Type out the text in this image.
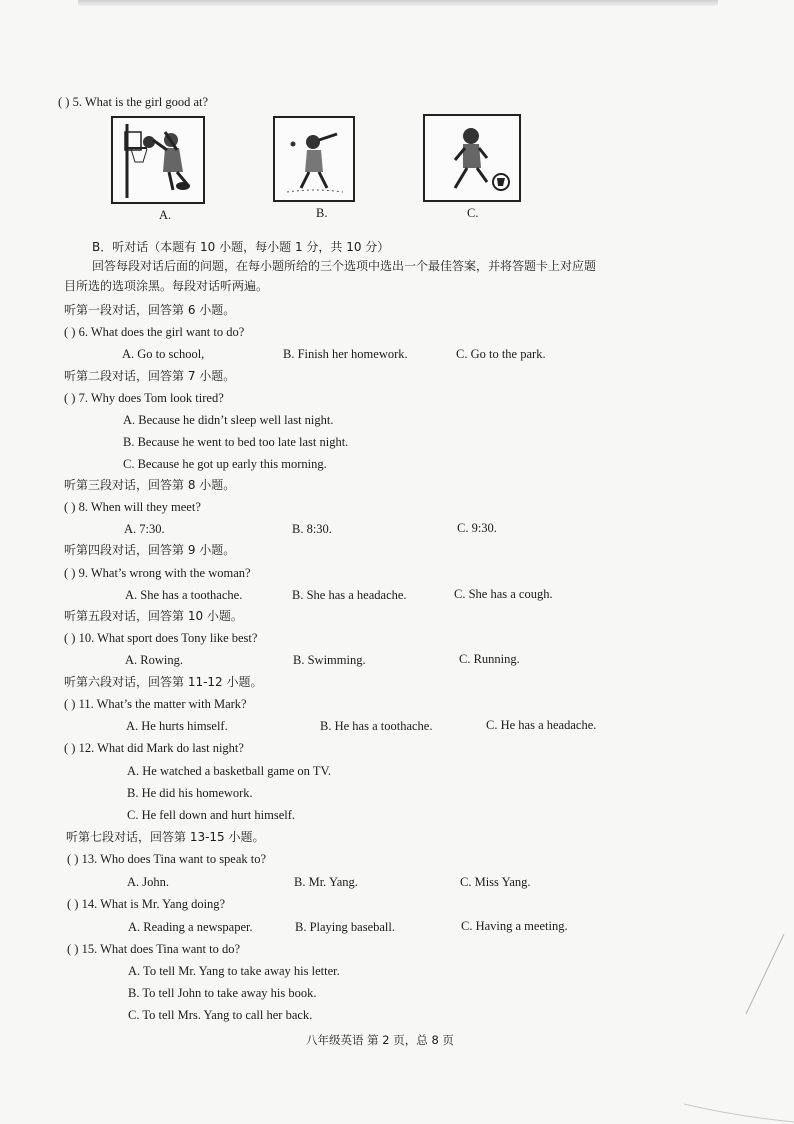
( ) 5. What is the girl good at?
A.	B.	C.
B．听对话（本题有 10 小题，每小题 1 分，共 10 分）
回答每段对话后面的问题，在每小题所给的三个选项中选出一个最佳答案，并将答题卡上对应题
目所选的选项涂黑。每段对话听两遍。
听第一段对话，回答第 6 小题。
( ) 6. What does the girl want to do?
A. Go to school,	B. Finish her homework.	C. Go to the park.
听第二段对话，回答第 7 小题。
( ) 7. Why does Tom look tired?
A. Because he didn’t sleep well last night.
B. Because he went to bed too late last night.
C. Because he got up early this morning.
听第三段对话，回答第 8 小题。
( ) 8. When will they meet?
A. 7:30.	B. 8:30.	C. 9:30.
听第四段对话，回答第 9 小题。
( ) 9. What’s wrong with the woman?
A. She has a toothache.	B. She has a headache.	C. She has a cough.
听第五段对话，回答第 10 小题。
( ) 10. What sport does Tony like best?
A. Rowing.	B. Swimming.	C. Running.
听第六段对话，回答第 11-12 小题。
( ) 11. What’s the matter with Mark?
A. He hurts himself.	B. He has a toothache.	C. He has a headache.
( ) 12. What did Mark do last night?
A. He watched a basketball game on TV.
B. He did his homework.
C. He fell down and hurt himself.
听第七段对话，回答第 13-15 小题。
( ) 13. Who does Tina want to speak to?
A. John.	B. Mr. Yang.	C. Miss Yang.
( ) 14. What is Mr. Yang doing?
A. Reading a newspaper.	B. Playing baseball.	C. Having a meeting.
( ) 15. What does Tina want to do?
A. To tell Mr. Yang to take away his letter.
B. To tell John to take away his book.
C. To tell Mrs. Yang to call her back.
八年级英语 第 2 页，总 8 页
